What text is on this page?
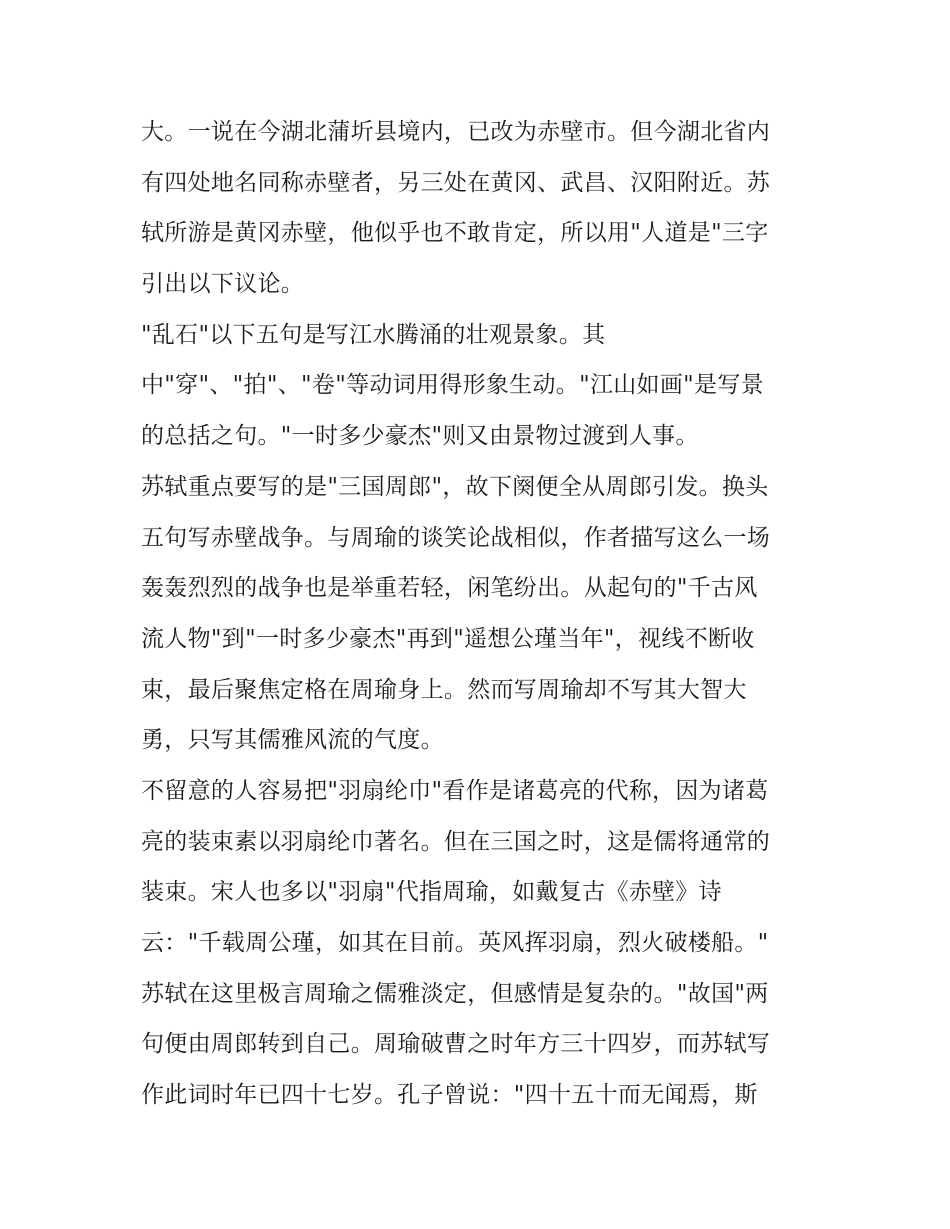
大。一说在今湖北蒲圻县境内，已改为赤壁市。但今湖北省内
有四处地名同称赤壁者，另三处在黄冈、武昌、汉阳附近。苏
轼所游是黄冈赤壁，他似乎也不敢肯定，所以用"人道是"三字
引出以下议论。
"乱石"以下五句是写江水腾涌的壮观景象。其
中"穿"、"拍"、"卷"等动词用得形象生动。"江山如画"是写景
的总括之句。"一时多少豪杰"则又由景物过渡到人事。
苏轼重点要写的是"三国周郎"，故下阕便全从周郎引发。换头
五句写赤壁战争。与周瑜的谈笑论战相似，作者描写这么一场
轰轰烈烈的战争也是举重若轻，闲笔纷出。从起句的"千古风
流人物"到"一时多少豪杰"再到"遥想公瑾当年"，视线不断收
束，最后聚焦定格在周瑜身上。然而写周瑜却不写其大智大
勇，只写其儒雅风流的气度。
不留意的人容易把"羽扇纶巾"看作是诸葛亮的代称，因为诸葛
亮的装束素以羽扇纶巾著名。但在三国之时，这是儒将通常的
装束。宋人也多以"羽扇"代指周瑜，如戴复古《赤壁》诗
云："千载周公瑾，如其在目前。英风挥羽扇，烈火破楼船。"
苏轼在这里极言周瑜之儒雅淡定，但感情是复杂的。"故国"两
句便由周郎转到自己。周瑜破曹之时年方三十四岁，而苏轼写
作此词时年已四十七岁。孔子曾说："四十五十而无闻焉，斯
